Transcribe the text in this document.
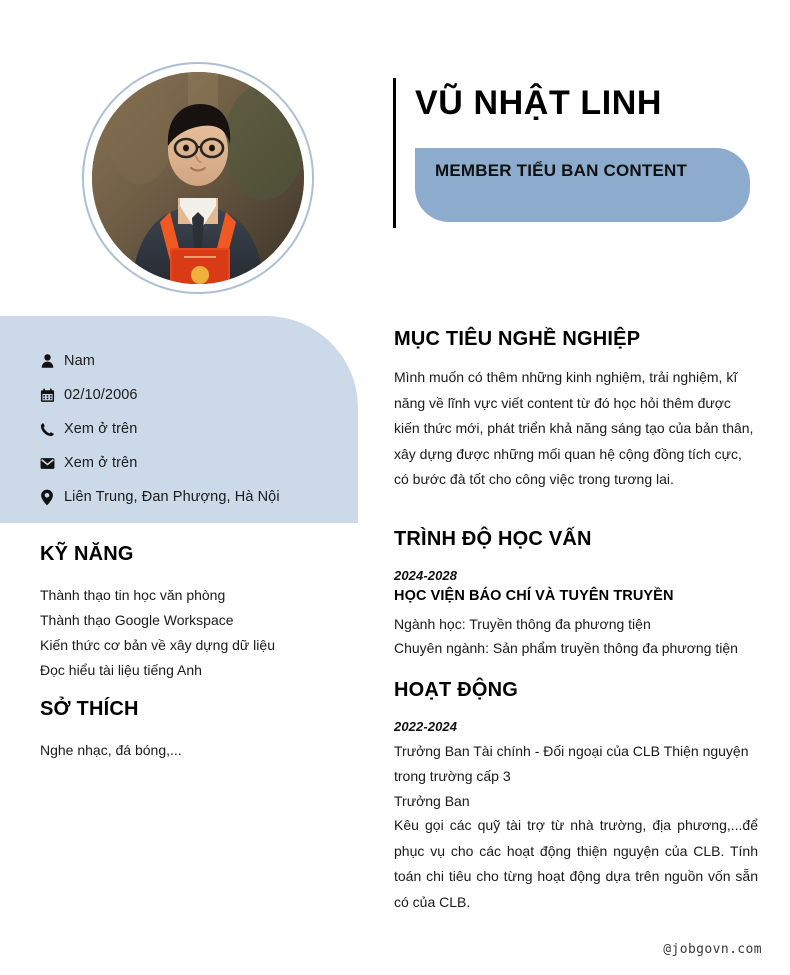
Nam
02/10/2006
Xem ở trên
Xem ở trên
Liên Trung, Đan Phượng, Hà Nội
KỸ NĂNG
Thành thạo tin học văn phòng
Thành thạo Google Workspace
Kiến thức cơ bản về xây dựng dữ liệu
Đọc hiểu tài liệu tiếng Anh
SỞ THÍCH
Nghe nhạc, đá bóng,...
VŨ NHẬT LINH
MEMBER TIỂU BAN CONTENT
MỤC TIÊU NGHỀ NGHIỆP
Mình muốn có thêm những kinh nghiệm, trải nghiệm, kĩ năng về lĩnh vực viết content từ đó học hỏi thêm được kiến thức mới, phát triển khả năng sáng tạo của bản thân, xây dựng được những mối quan hệ cộng đồng tích cực, có bước đà tốt cho công việc trong tương lai.
TRÌNH ĐỘ HỌC VẤN
2024-2028
HỌC VIỆN BÁO CHÍ VÀ TUYÊN TRUYỀN
Ngành học: Truyền thông đa phương tiện
Chuyên ngành: Sản phẩm truyền thông đa phương tiện
HOẠT ĐỘNG
2022-2024
Trưởng Ban Tài chính - Đối ngoại của CLB Thiện nguyện trong trường cấp 3
Trưởng Ban
Kêu gọi các quỹ tài trợ từ nhà trường, địa phương,...để phục vụ cho các hoạt động thiện nguyện của CLB. Tính toán chi tiêu cho từng hoạt động dựa trên nguồn vốn sẵn có của CLB.
@jobgovn.com
